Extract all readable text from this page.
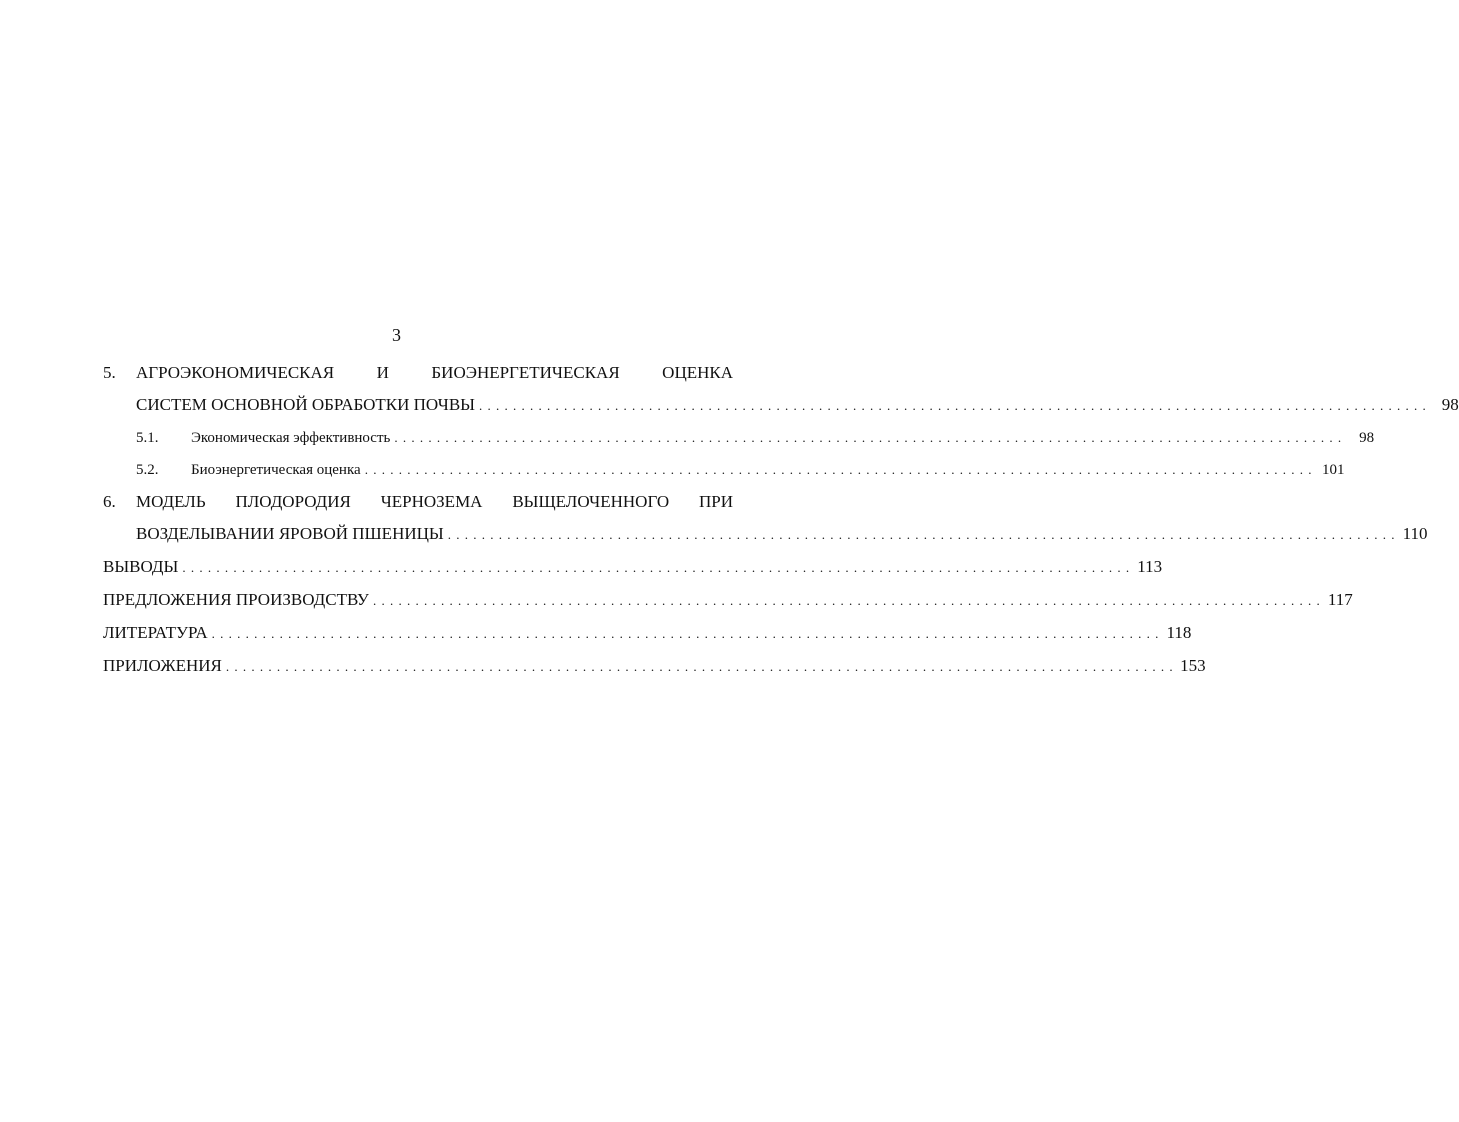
3
5.	АГРОЭКОНОМИЧЕСКАЯ И БИОЭНЕРГЕТИЧЕСКАЯ ОЦЕНКА
СИСТЕМ ОСНОВНОЙ ОБРАБОТКИ ПОЧВЫ . . .	98
5.1.	Экономическая эффективность . . .	98
5.2.	Биоэнергетическая оценка . . .	101
6.	МОДЕЛЬ ПЛОДОРОДИЯ ЧЕРНОЗЕМА ВЫЩЕЛОЧЕННОГО ПРИ
ВОЗДЕЛЫВАНИИ ЯРОВОЙ ПШЕНИЦЫ . . .	110
ВЫВОДЫ . . .	113
ПРЕДЛОЖЕНИЯ ПРОИЗВОДСТВУ . . .	117
ЛИТЕРАТУРА . . .	118
ПРИЛОЖЕНИЯ . . .	153
